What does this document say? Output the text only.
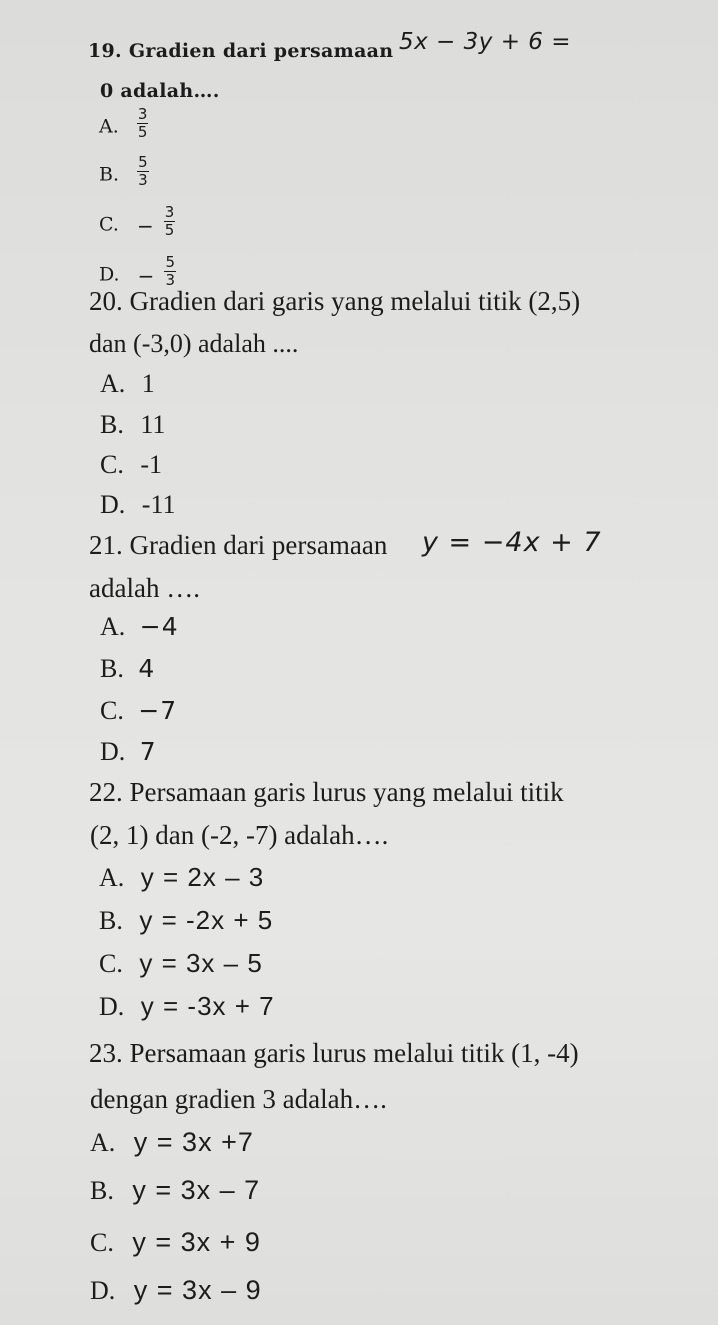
19. Gradien dari persamaan 5x − 3y + 6 =
0 adalah….
A. $\frac{3}{5}$
B. $\frac{5}{3}$
C. − $\frac{3}{5}$
D. − $\frac{5}{3}$
20. Gradien dari garis yang melalui titik (2,5)
dan (-3,0) adalah ....
A. 1
B. 11
C. -1
D. -11
21. Gradien dari persamaan y = −4x + 7
adalah ….
A. −4
B. 4
C. −7
D. 7
22. Persamaan garis lurus yang melalui titik
(2, 1) dan (-2, -7) adalah….
A. y = 2x – 3
B. y = -2x + 5
C. y = 3x – 5
D. y = -3x + 7
23. Persamaan garis lurus melalui titik (1, -4)
dengan gradien 3 adalah….
A. y = 3x +7
B. y = 3x – 7
C. y = 3x + 9
D. y = 3x – 9
